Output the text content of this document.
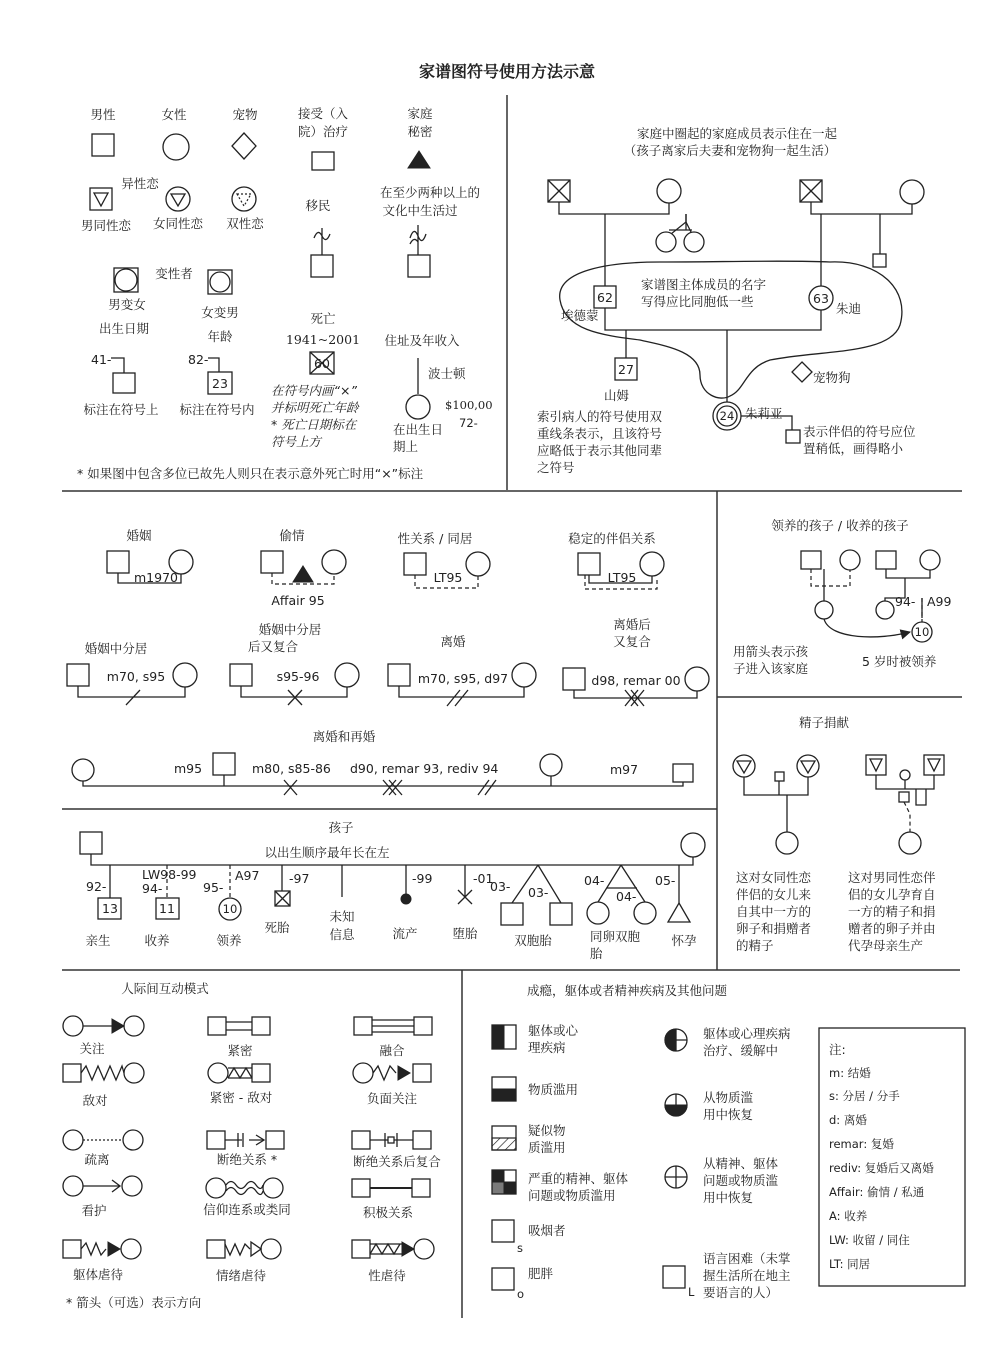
家谱图符号使用方法示意
男性	女性	宠物	接受（入
院）治疗
家庭
秘密
异性恋
男同性恋 女同性恋 双性恋
变性者
男变女
女变男
出生日期
年龄
41-	82-
23
标注在符号上 标注在符号内
移民
在至少两种以上的
文化中生活过
死亡
1941~2001
60
在符号内画“×”
并标明死亡年龄
* 死亡日期标在
符号上方
住址及年收入
波士顿
$100,00
72-
在出生日
期上
* 如果图中包含多位已故先人则只在表示意外死亡时用“×”标注
家庭中圈起的家庭成员表示住在一起
（孩子离家后夫妻和宠物狗一起生活）
62
埃德蒙
63
朱迪
家谱图主体成员的名字
写得应比同胞低一些
27
山姆
宠物狗
24 朱莉亚
表示伴侣的符号应位
置稍低，画得略小
索引病人的符号使用双
重线条表示，且该符号
应略低于表示其他同辈
之符号
婚姻
m1970
偷情
Affair 95
性关系 / 同居
LT95
稳定的伴侣关系
LT95
婚姻中分居
m70, s95
婚姻中分居
后又复合
s95-96
离婚
m70, s95, d97
离婚后
又复合
d98, remar 00
离婚和再婚
m95	m80, s85-86 d90, remar 93, rediv 94	m97
领养的孩子 / 收养的孩子
10
94- A99
用箭头表示孩
子进入该家庭	5 岁时被领养
精子捐献
这对女同性恋
伴侣的女儿来
自其中一方的
卵子和捐赠者
的精子
这对男同性恋伴
侣的女儿孕育自
一方的精子和捐
赠者的卵子并由
代孕母亲生产
孩子
以出生顺序最年长在左
92-
13
亲生
LW98-99
94-
11
收养
95-
A97
10
领养
-97
死胎
未知
信息
-99
流产
-01
堕胎
03- 03-
双胞胎
04-
04-
同卵双胞
胎
05-
怀孕
人际间互动模式
关注	紧密	融合
敌对	紧密 - 敌对	负面关注
疏离	断绝关系 *	断绝关系后复合
看护	信仰连系或类同	积极关系
躯体虐待	情绪虐待	性虐待
* 箭头（可选）表示方向
成瘾，躯体或者精神疾病及其他问题
s
o
躯体或心
理疾病
物质滥用
疑似物
质滥用
严重的精神、躯体
问题或物质滥用
吸烟者
肥胖
L
躯体或心理疾病
治疗、缓解中
从物质滥
用中恢复
从精神、躯体
问题或物质滥
用中恢复
语言困难（未掌
握生活所在地主
要语言的人）
注:
m: 结婚
s: 分居 / 分手
d: 离婚
remar: 复婚
rediv: 复婚后又离婚
Affair: 偷情 / 私通
A: 收养
LW: 收留 / 同住
LT: 同居
